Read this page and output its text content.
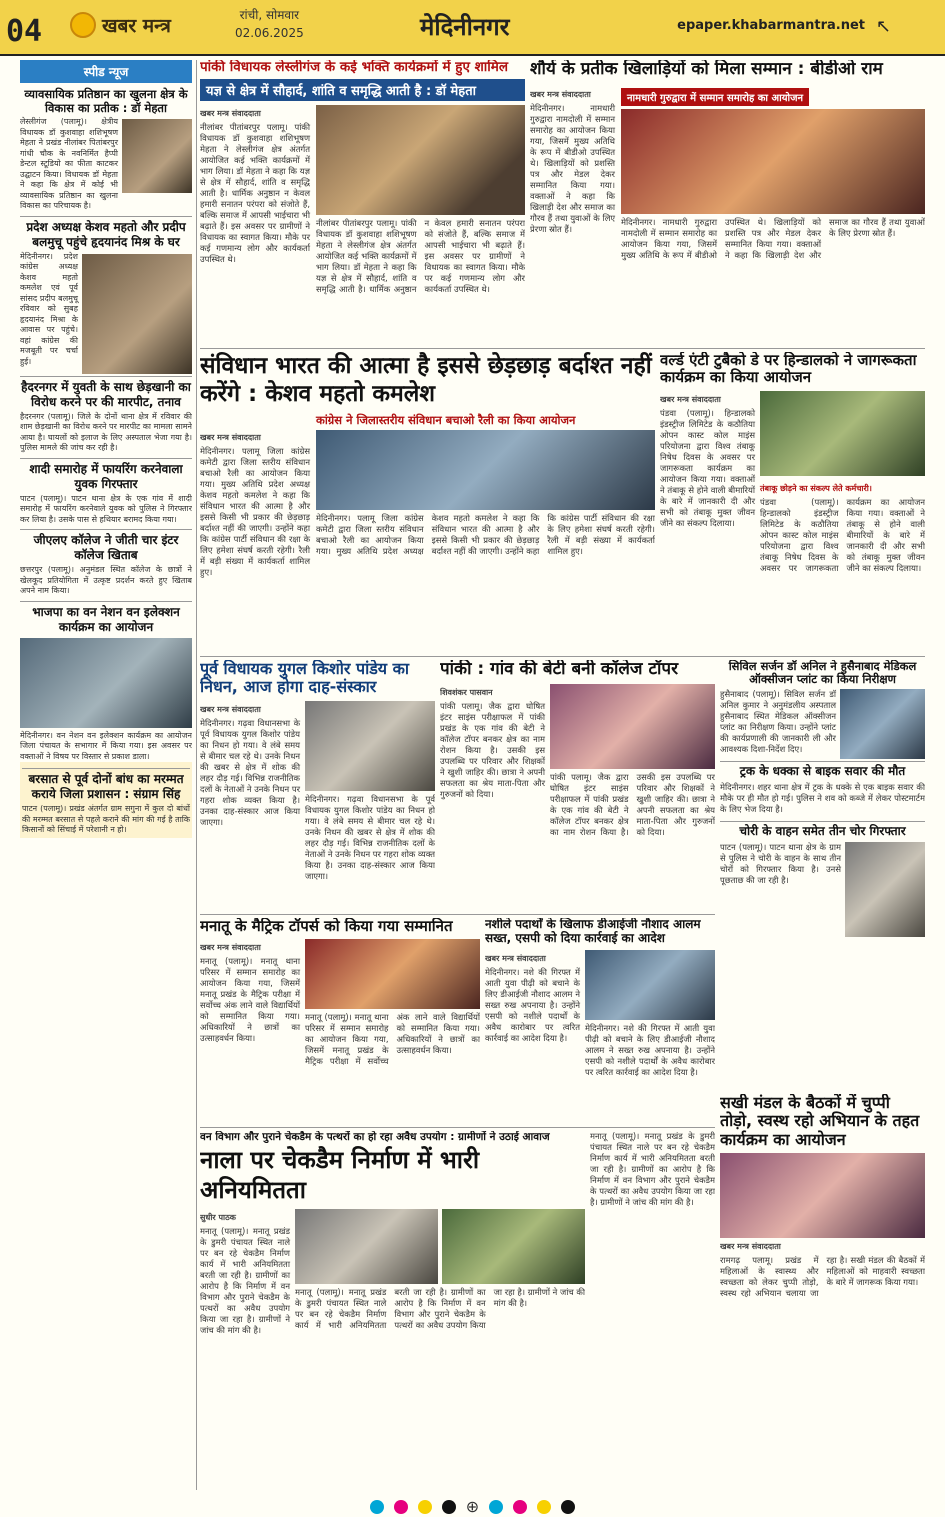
04	खबर मन्त्र	रांची, सोमवार
02.06.2025	मेदिनीनगर	epaper.khabarmantra.net ↖
स्पीड न्यूज
व्यावसायिक प्रतिष्ठान का खुलना क्षेत्र के विकास का प्रतीक : डॉ मेहता
लेस्लीगंज (पलामू)। क्षेत्रीय विधायक डॉ कुशवाहा शशिभूषण मेहता ने प्रखंड नीलांबर पितांबरपुर गांधी चौक के नवनिर्मित हैप्पी डेन्टल स्टूडियो का फीता काटकर उद्घाटन किया। विधायक डॉ मेहता ने कहा कि क्षेत्र में कोई भी व्यावसायिक प्रतिष्ठान का खुलना विकास का परिचायक है।
प्रदेश अध्यक्ष केशव महतो और प्रदीप बलमुचू पहुंचे हृदयानंद मिश्र के घर
मेदिनीनगर। प्रदेश कांग्रेस अध्यक्ष केशव महतो कमलेश एवं पूर्व सांसद प्रदीप बलमुचू रविवार को सुबह हृदयानंद मिश्रा के आवास पर पहुंचे। वहां कांग्रेस की मजबूती पर चर्चा हुई।
हैदरनगर में युवती के साथ छेड़खानी का विरोध करने पर की मारपीट, तनाव
हैदरनगर (पलामू)। जिले के दोनों थाना क्षेत्र में रविवार की शाम छेड़खानी का विरोध करने पर मारपीट का मामला सामने आया है। घायलों को इलाज के लिए अस्पताल भेजा गया है। पुलिस मामले की जांच कर रही है।
शादी समारोह में फायरिंग करनेवाला युवक गिरफ्तार
पाटन (पलामू)। पाटन थाना क्षेत्र के एक गांव में शादी समारोह में फायरिंग करनेवाले युवक को पुलिस ने गिरफ्तार कर लिया है। उसके पास से हथियार बरामद किया गया।
जीएलए कॉलेज ने जीती चार इंटर कॉलेज खिताब
छत्तरपुर (पलामू)। अनुमंडल स्थित कॉलेज के छात्रों ने खेलकूद प्रतियोगिता में उत्कृष्ट प्रदर्शन करते हुए खिताब अपने नाम किया।
भाजपा का वन नेशन वन इलेक्शन कार्यक्रम का आयोजन
मेदिनीनगर। वन नेशन वन इलेक्शन कार्यक्रम का आयोजन जिला पंचायत के सभागार में किया गया। इस अवसर पर वक्ताओं ने विषय पर विस्तार से प्रकाश डाला।
बरसात से पूर्व दोनों बांध का मरम्मत कराये जिला प्रशासन : संग्राम सिंह
पाटन (पलामू)। प्रखंड अंतर्गत ग्राम सगुना में कुल दो बांधों की मरम्मत बरसात से पहले कराने की मांग की गई है ताकि किसानों को सिंचाई में परेशानी न हो।
पांकी विधायक लेस्लीगंज के कई भक्ति कार्यक्रमों में हुए शामिल
यज्ञ से क्षेत्र में सौहार्द, शांति व समृद्धि आती है : डॉ मेहता
खबर मन्त्र संवाददाता
नीलांबर पीतांबरपुर पलामू। पांकी विधायक डॉ कुशवाहा शशिभूषण मेहता ने लेस्लीगंज क्षेत्र अंतर्गत आयोजित कई भक्ति कार्यक्रमों में भाग लिया। डॉ मेहता ने कहा कि यज्ञ से क्षेत्र में सौहार्द, शांति व समृद्धि आती है। धार्मिक अनुष्ठान न केवल हमारी सनातन परंपरा को संजोते हैं, बल्कि समाज में आपसी भाईचारा भी बढ़ाते हैं। इस अवसर पर ग्रामीणों ने विधायक का स्वागत किया। मौके पर कई गणमान्य लोग और कार्यकर्ता उपस्थित थे।
नीलांबर पीतांबरपुर पलामू। पांकी विधायक डॉ कुशवाहा शशिभूषण मेहता ने लेस्लीगंज क्षेत्र अंतर्गत आयोजित कई भक्ति कार्यक्रमों में भाग लिया। डॉ मेहता ने कहा कि यज्ञ से क्षेत्र में सौहार्द, शांति व समृद्धि आती है। धार्मिक अनुष्ठान न केवल हमारी सनातन परंपरा को संजोते हैं, बल्कि समाज में आपसी भाईचारा भी बढ़ाते हैं। इस अवसर पर ग्रामीणों ने विधायक का स्वागत किया। मौके पर कई गणमान्य लोग और कार्यकर्ता उपस्थित थे।
शौर्य के प्रतीक खिलाड़ियों को मिला सम्मान : बीडीओ राम
खबर मन्त्र संवाददाता
मेदिनीनगर। नामधारी गुरुद्वारा नामदोली में सम्मान समारोह का आयोजन किया गया, जिसमें मुख्य अतिथि के रूप में बीडीओ उपस्थित थे। खिलाड़ियों को प्रशस्ति पत्र और मेडल देकर सम्मानित किया गया। वक्ताओं ने कहा कि खिलाड़ी देश और समाज का गौरव हैं तथा युवाओं के लिए प्रेरणा स्रोत हैं।
नामधारी गुरुद्वारा में सम्मान समारोह का आयोजन
मेदिनीनगर। नामधारी गुरुद्वारा नामदोली में सम्मान समारोह का आयोजन किया गया, जिसमें मुख्य अतिथि के रूप में बीडीओ उपस्थित थे। खिलाड़ियों को प्रशस्ति पत्र और मेडल देकर सम्मानित किया गया। वक्ताओं ने कहा कि खिलाड़ी देश और समाज का गौरव हैं तथा युवाओं के लिए प्रेरणा स्रोत हैं।
संविधान भारत की आत्मा है इससे छेड़छाड़ बर्दाश्त नहीं करेंगे : केशव महतो कमलेश
खबर मन्त्र संवाददाता
मेदिनीनगर। पलामू जिला कांग्रेस कमेटी द्वारा जिला स्तरीय संविधान बचाओ रैली का आयोजन किया गया। मुख्य अतिथि प्रदेश अध्यक्ष केशव महतो कमलेश ने कहा कि संविधान भारत की आत्मा है और इससे किसी भी प्रकार की छेड़छाड़ बर्दाश्त नहीं की जाएगी। उन्होंने कहा कि कांग्रेस पार्टी संविधान की रक्षा के लिए हमेशा संघर्ष करती रहेगी। रैली में बड़ी संख्या में कार्यकर्ता शामिल हुए।
कांग्रेस ने जिलास्तरीय संविधान बचाओ रैली का किया आयोजन
मेदिनीनगर। पलामू जिला कांग्रेस कमेटी द्वारा जिला स्तरीय संविधान बचाओ रैली का आयोजन किया गया। मुख्य अतिथि प्रदेश अध्यक्ष केशव महतो कमलेश ने कहा कि संविधान भारत की आत्मा है और इससे किसी भी प्रकार की छेड़छाड़ बर्दाश्त नहीं की जाएगी। उन्होंने कहा कि कांग्रेस पार्टी संविधान की रक्षा के लिए हमेशा संघर्ष करती रहेगी। रैली में बड़ी संख्या में कार्यकर्ता शामिल हुए।
वर्ल्ड एंटी टुबैको डे पर हिन्डालको ने जागरूकता कार्यक्रम का किया आयोजन
खबर मन्त्र संवाददाता
पंडवा (पलामू)। हिन्डालको इंडस्ट्रीज लिमिटेड के कठौतिया ओपन कास्ट कोल माइंस परियोजना द्वारा विश्व तंबाकू निषेध दिवस के अवसर पर जागरूकता कार्यक्रम का आयोजन किया गया। वक्ताओं ने तंबाकू से होने वाली बीमारियों के बारे में जानकारी दी और सभी को तंबाकू मुक्त जीवन जीने का संकल्प दिलाया।
तंबाकू छोड़ने का संकल्प लेते कर्मचारी।
पंडवा (पलामू)। हिन्डालको इंडस्ट्रीज लिमिटेड के कठौतिया ओपन कास्ट कोल माइंस परियोजना द्वारा विश्व तंबाकू निषेध दिवस के अवसर पर जागरूकता कार्यक्रम का आयोजन किया गया। वक्ताओं ने तंबाकू से होने वाली बीमारियों के बारे में जानकारी दी और सभी को तंबाकू मुक्त जीवन जीने का संकल्प दिलाया।
पूर्व विधायक युगल किशोर पांडेय का निधन, आज होगा दाह-संस्कार
खबर मन्त्र संवाददाता
मेदिनीनगर। गढ़वा विधानसभा के पूर्व विधायक युगल किशोर पांडेय का निधन हो गया। वे लंबे समय से बीमार चल रहे थे। उनके निधन की खबर से क्षेत्र में शोक की लहर दौड़ गई। विभिन्न राजनीतिक दलों के नेताओं ने उनके निधन पर गहरा शोक व्यक्त किया है। उनका दाह-संस्कार आज किया जाएगा।
मेदिनीनगर। गढ़वा विधानसभा के पूर्व विधायक युगल किशोर पांडेय का निधन हो गया। वे लंबे समय से बीमार चल रहे थे। उनके निधन की खबर से क्षेत्र में शोक की लहर दौड़ गई। विभिन्न राजनीतिक दलों के नेताओं ने उनके निधन पर गहरा शोक व्यक्त किया है। उनका दाह-संस्कार आज किया जाएगा।
पांकी : गांव की बेटी बनी कॉलेज टॉपर
शिवशंकर पासवान
पांकी पलामू। जैक द्वारा घोषित इंटर साइंस परीक्षाफल में पांकी प्रखंड के एक गांव की बेटी ने कॉलेज टॉपर बनकर क्षेत्र का नाम रोशन किया है। उसकी इस उपलब्धि पर परिवार और शिक्षकों ने खुशी जाहिर की। छात्रा ने अपनी सफलता का श्रेय माता-पिता और गुरुजनों को दिया।
पांकी पलामू। जैक द्वारा घोषित इंटर साइंस परीक्षाफल में पांकी प्रखंड के एक गांव की बेटी ने कॉलेज टॉपर बनकर क्षेत्र का नाम रोशन किया है। उसकी इस उपलब्धि पर परिवार और शिक्षकों ने खुशी जाहिर की। छात्रा ने अपनी सफलता का श्रेय माता-पिता और गुरुजनों को दिया।
सिविल सर्जन डॉ अनिल ने हुसैनाबाद मेडिकल ऑक्सीजन प्लांट का किया निरीक्षण
हुसैनाबाद (पलामू)। सिविल सर्जन डॉ अनिल कुमार ने अनुमंडलीय अस्पताल हुसैनाबाद स्थित मेडिकल ऑक्सीजन प्लांट का निरीक्षण किया। उन्होंने प्लांट की कार्यप्रणाली की जानकारी ली और आवश्यक दिशा-निर्देश दिए।
ट्रक के धक्का से बाइक सवार की मौत
मेदिनीनगर। शहर थाना क्षेत्र में ट्रक के धक्के से एक बाइक सवार की मौके पर ही मौत हो गई। पुलिस ने शव को कब्जे में लेकर पोस्टमार्टम के लिए भेज दिया है।
चोरी के वाहन समेत तीन चोर गिरफ्तार
पाटन (पलामू)। पाटन थाना क्षेत्र के ग्राम से पुलिस ने चोरी के वाहन के साथ तीन चोरों को गिरफ्तार किया है। उनसे पूछताछ की जा रही है।
मनातू के मैट्रिक टॉपर्स को किया गया सम्मानित
खबर मन्त्र संवाददाता
मनातू (पलामू)। मनातू थाना परिसर में सम्मान समारोह का आयोजन किया गया, जिसमें मनातू प्रखंड के मैट्रिक परीक्षा में सर्वोच्च अंक लाने वाले विद्यार्थियों को सम्मानित किया गया। अधिकारियों ने छात्रों का उत्साहवर्धन किया।
मनातू (पलामू)। मनातू थाना परिसर में सम्मान समारोह का आयोजन किया गया, जिसमें मनातू प्रखंड के मैट्रिक परीक्षा में सर्वोच्च अंक लाने वाले विद्यार्थियों को सम्मानित किया गया। अधिकारियों ने छात्रों का उत्साहवर्धन किया।
नशीले पदार्थों के खिलाफ डीआईजी नौशाद आलम सख्त, एसपी को दिया कार्रवाई का आदेश
खबर मन्त्र संवाददाता
मेदिनीनगर। नशे की गिरफ्त में आती युवा पीढ़ी को बचाने के लिए डीआईजी नौशाद आलम ने सख्त रुख अपनाया है। उन्होंने एसपी को नशीले पदार्थों के अवैध कारोबार पर त्वरित कार्रवाई का आदेश दिया है।
मेदिनीनगर। नशे की गिरफ्त में आती युवा पीढ़ी को बचाने के लिए डीआईजी नौशाद आलम ने सख्त रुख अपनाया है। उन्होंने एसपी को नशीले पदार्थों के अवैध कारोबार पर त्वरित कार्रवाई का आदेश दिया है।
वन विभाग और पुराने चेकडैम के पत्थरों का हो रहा अवैध उपयोग : ग्रामीणों ने उठाई आवाज
नाला पर चेकडैम निर्माण में भारी अनियमितता
सुधीर पाठक
मनातू (पलामू)। मनातू प्रखंड के डुमरी पंचायत स्थित नाले पर बन रहे चेकडैम निर्माण कार्य में भारी अनियमितता बरती जा रही है। ग्रामीणों का आरोप है कि निर्माण में वन विभाग और पुराने चेकडैम के पत्थरों का अवैध उपयोग किया जा रहा है। ग्रामीणों ने जांच की मांग की है।
मनातू (पलामू)। मनातू प्रखंड के डुमरी पंचायत स्थित नाले पर बन रहे चेकडैम निर्माण कार्य में भारी अनियमितता बरती जा रही है। ग्रामीणों का आरोप है कि निर्माण में वन विभाग और पुराने चेकडैम के पत्थरों का अवैध उपयोग किया जा रहा है। ग्रामीणों ने जांच की मांग की है।
मनातू (पलामू)। मनातू प्रखंड के डुमरी पंचायत स्थित नाले पर बन रहे चेकडैम निर्माण कार्य में भारी अनियमितता बरती जा रही है। ग्रामीणों का आरोप है कि निर्माण में वन विभाग और पुराने चेकडैम के पत्थरों का अवैध उपयोग किया जा रहा है। ग्रामीणों ने जांच की मांग की है।
सखी मंडल के बैठकों में चुप्पी तोड़ो, स्वस्थ रहो अभियान के तहत कार्यक्रम का आयोजन
खबर मन्त्र संवाददाता
रामगढ़ पलामू। प्रखंड में महिलाओं के स्वास्थ्य और स्वच्छता को लेकर चुप्पी तोड़ो, स्वस्थ रहो अभियान चलाया जा रहा है। सखी मंडल की बैठकों में महिलाओं को माहवारी स्वच्छता के बारे में जागरूक किया गया।
⊕
